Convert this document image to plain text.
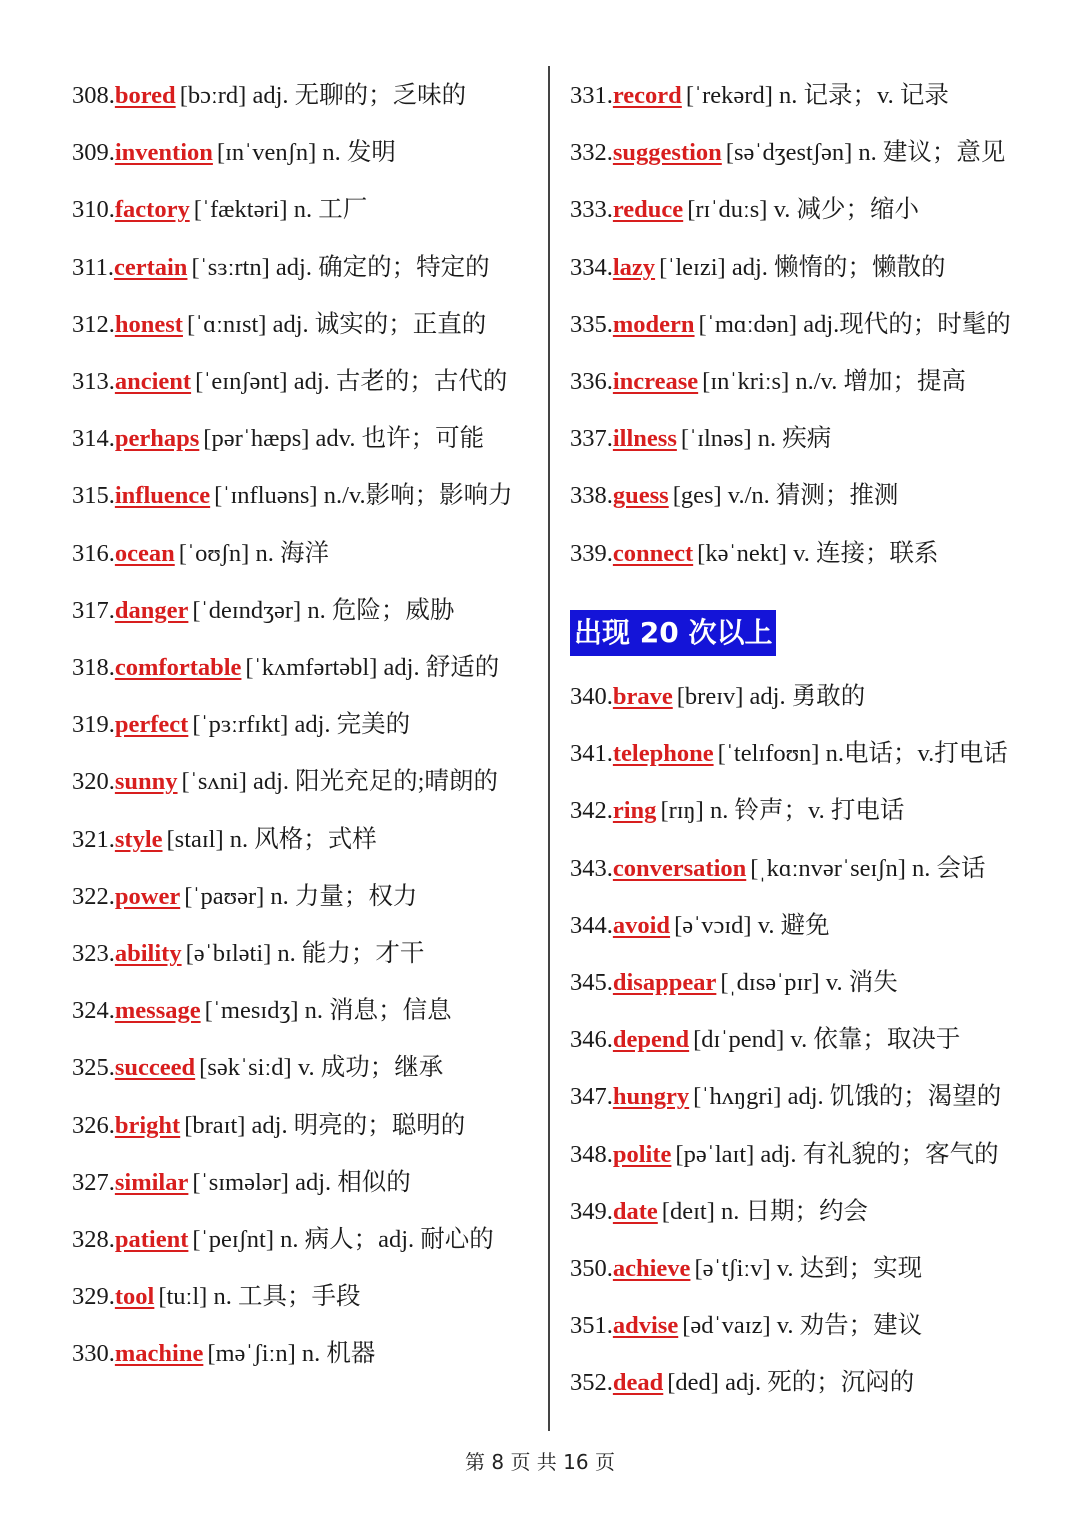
308.bored [bɔːrd] adj. 无聊的；乏味的
309.invention [ɪnˈvenʃn] n. 发明
310.factory [ˈfæktəri] n. 工厂
311.certain [ˈsɜːrtn] adj. 确定的；特定的
312.honest [ˈɑːnɪst] adj. 诚实的；正直的
313.ancient [ˈeɪnʃənt] adj. 古老的；古代的
314.perhaps [pərˈhæps] adv. 也许；可能
315.influence [ˈɪnfluəns] n./v.影响；影响力
316.ocean [ˈoʊʃn] n. 海洋
317.danger [ˈdeɪndʒər] n. 危险；威胁
318.comfortable [ˈkʌmfərtəbl] adj. 舒适的
319.perfect [ˈpɜːrfɪkt] adj. 完美的
320.sunny [ˈsʌni] adj. 阳光充足的;晴朗的
321.style [staɪl] n. 风格；式样
322.power [ˈpaʊər] n. 力量；权力
323.ability [əˈbɪləti] n. 能力；才干
324.message [ˈmesɪdʒ] n. 消息；信息
325.succeed [səkˈsiːd] v. 成功；继承
326.bright [braɪt] adj. 明亮的；聪明的
327.similar [ˈsɪmələr] adj. 相似的
328.patient [ˈpeɪʃnt] n. 病人；adj. 耐心的
329.tool [tuːl] n. 工具；手段
330.machine [məˈʃiːn] n. 机器
331.record [ˈrekərd] n. 记录；v. 记录
332.suggestion [səˈdʒestʃən] n. 建议；意见
333.reduce [rɪˈduːs] v. 减少；缩小
334.lazy [ˈleɪzi] adj. 懒惰的；懒散的
335.modern [ˈmɑːdən] adj.现代的；时髦的
336.increase [ɪnˈkriːs] n./v. 增加；提高
337.illness [ˈɪlnəs] n. 疾病
338.guess [ges] v./n. 猜测；推测
339.connect [kəˈnekt] v. 连接；联系
340.brave [breɪv] adj. 勇敢的
341.telephone [ˈtelɪfoʊn] n.电话；v.打电话
342.ring [rɪŋ] n. 铃声；v. 打电话
343.conversation [ˌkɑːnvərˈseɪʃn] n. 会话
344.avoid [əˈvɔɪd] v. 避免
345.disappear [ˌdɪsəˈpɪr] v. 消失
346.depend [dɪˈpend] v. 依靠；取决于
347.hungry [ˈhʌŋgri] adj. 饥饿的；渴望的
348.polite [pəˈlaɪt] adj. 有礼貌的；客气的
349.date [deɪt] n. 日期；约会
350.achieve [əˈtʃiːv] v. 达到；实现
351.advise [ədˈvaɪz] v. 劝告；建议
352.dead [ded] adj. 死的；沉闷的
出现 20 次以上
第 8 页 共 16 页
